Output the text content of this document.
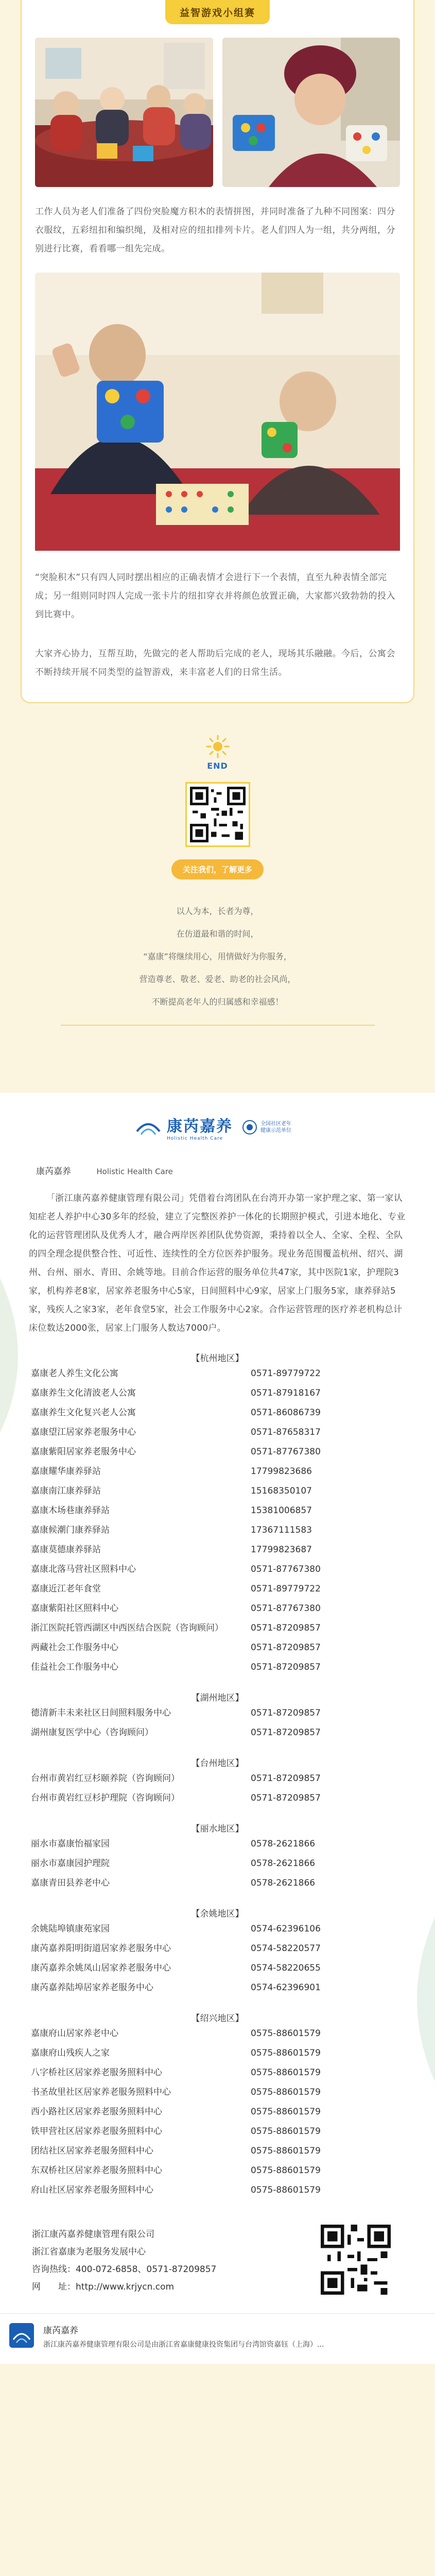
益智游戏小组赛

工作人员为老人们准备了四份突脸魔方积木的表情拼图，并同时准备了九种不同图案：四分衣服纹，五彩纽扣和编织绳，及相对应的纽扣排列卡片。老人们四人为一组，共分两组，分别进行比赛，看看哪一组先完成。

“突脸积木”只有四人同时摆出相应的正确表情才会进行下一个表情，直至九种表情全部完成；另一组则同时四人完成一张卡片的纽扣穿衣并将颜色放置正确，大家都兴致勃勃的投入到比赛中。

大家齐心协力，互帮互助，先做完的老人帮助后完成的老人，现场其乐融融。今后，公寓会不断持续开展不同类型的益智游戏，来丰富老人们的日常生活。

END
关注我们，了解更多
以人为本，长者为尊，
在仿道最和谐的时间，
“嘉康”将继续用心，用情做好为你服务，
营造尊老、敬老、爱老、助老的社会风尚，
不断提高老年人的归属感和幸福感！
康芮嘉养
Holistic Health Care
全国社区老年
健康示范单位
康芮嘉养	Holistic Health Care

「浙江康芮嘉养健康管理有限公司」凭借着台湾团队在台湾开办第一家护理之家、第一家认知症老人养护中心30多年的经验，建立了完整医养护一体化的长期照护模式，引进本地化、专业化的运营管理团队及优秀人才，融合两岸医养团队优势资源，秉持着以全人、全家、全程、全队的四全理念提供整合性、可近性、连续性的全方位医养护服务。现业务范围覆盖杭州、绍兴、湖州、台州、丽水、青田、余姚等地。目前合作运营的服务单位共47家，其中医院1家，护理院3家，机构养老8家，居家养老服务中心5家，日间照料中心9家，居家上门服务5家，康养驿站5家，残疾人之家3家，老年食堂5家，社会工作服务中心2家。合作运营管理的医疗养老机构总计床位数达2000张，居家上门服务人数达7000户。

【杭州地区】
嘉康老人养生文化公寓	0571-89779722
嘉康养生文化清波老人公寓	0571-87918167
嘉康养生文化复兴老人公寓	0571-86086739
嘉康望江居家养老服务中心	0571-87658317
嘉康紫阳居家养老服务中心	0571-87767380
嘉康耀华康养驿站	17799823686
嘉康南江康养驿站	15168350107
嘉康木场巷康养驿站	15381006857
嘉康候潮门康养驿站	17367111583
嘉康莫德康养驿站	17799823687
嘉康北落马营社区照料中心	0571-87767380
嘉康近江老年食堂	0571-89779722
嘉康紫阳社区照料中心	0571-87767380
浙江医院托管西湖区中西医结合医院（咨询顾问）	0571-87209857
两藏社会工作服务中心	0571-87209857
佳益社会工作服务中心	0571-87209857
【湖州地区】
德清新丰未来社区日间照料服务中心	0571-87209857
湖州康复医学中心（咨询顾问）	0571-87209857
【台州地区】
台州市黄岩红豆杉颐养院（咨询顾问）	0571-87209857
台州市黄岩红豆杉护理院（咨询顾问）	0571-87209857
【丽水地区】
丽水市嘉康怡福家园	0578-2621866
丽水市嘉康园护理院	0578-2621866
嘉康青田县养老中心	0578-2621866
【余姚地区】
余姚陆埠镇康苑家园	0574-62396106
康芮嘉养阳明街道居家养老服务中心	0574-58220577
康芮嘉养余姚凤山居家养老服务中心	0574-58220655
康芮嘉养陆埠居家养老服务中心	0574-62396901
【绍兴地区】
嘉康府山居家养老中心	0575-88601579
嘉康府山残疾人之家	0575-88601579
八字桥社区居家养老服务照料中心	0575-88601579
书圣故里社区居家养老服务照料中心	0575-88601579
西小路社区居家养老服务照料中心	0575-88601579
铁甲营社区居家养老服务照料中心	0575-88601579
团结社区居家养老服务照料中心	0575-88601579
东双桥社区居家养老服务照料中心	0575-88601579
府山社区居家养老服务照料中心	0575-88601579
浙江康芮嘉养健康管理有限公司
浙江省嘉康为老服务发展中心
咨询热线：400-072-6858、0571-87209857
网　　址：http://www.krjycn.com
康芮嘉养
浙江康芮嘉养健康管理有限公司是由浙江省嘉康健康投资集团与台湾馆资嘉钰（上海）...
